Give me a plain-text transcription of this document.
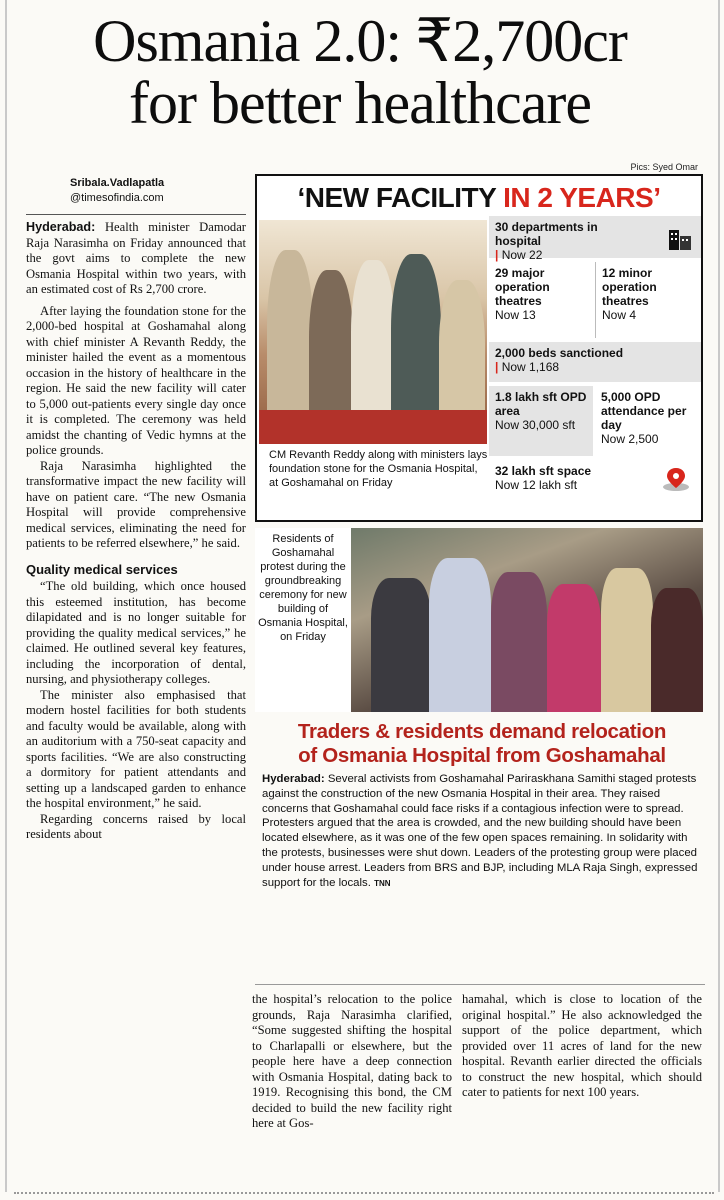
Osmania 2.0: ₹2,700cr
for better healthcare
Pics: Syed Omar
Sribala.Vadlapatla
@timesofindia.com

Hyderabad: Health minister Damodar Raja Narasimha on Friday announced that the govt aims to complete the new Osmania Hospital within two years, with an estimated cost of Rs 2,700 crore.

After laying the foundation stone for the 2,000-bed hospital at Goshamahal along with chief minister A Revanth Reddy, the minister hailed the event as a momentous occasion in the history of healthcare in the region. He said the new facility will cater to 5,000 out-patients every single day once it is completed. The ceremony was held amidst the chanting of Vedic hymns at the police grounds.

Raja Narasimha highlighted the transformative impact the new facility will have on patient care. “The new Osmania Hospital will provide comprehensive medical services, eliminating the need for patients to be referred elsewhere,” he said.

Quality medical services

“The old building, which once housed this esteemed institution, has become dilapidated and is no longer suitable for providing the quality medical services,” he claimed. He outlined several key features, including the incorporation of dental, nursing, and physiotherapy colleges.

The minister also emphasised that modern hostel facilities for both students and faculty would be available, along with an auditorium with a 750-seat capacity and sports facilities. “We are also constructing a dormitory for patient attendants and setting up a landscaped garden to enhance the hospital environment,” he said.

Regarding concerns raised by local residents about

‘NEW FACILITY IN 2 YEARS’
CM Revanth Reddy along with ministers lays foundation stone for the Osmania Hospital, at Goshamahal on Friday
30 departments in hospital
| Now 22
29 major operation theatres
Now 13
12 minor operation theatres
Now 4
2,000 beds sanctioned
| Now 1,168
1.8 lakh sft OPD area
Now 30,000 sft
5,000 OPD attendance per day
Now 2,500
32 lakh sft space
Now 12 lakh sft
Residents of Goshamahal protest during the groundbreaking ceremony for new building of Osmania Hospital, on Friday
Traders & residents demand relocation
of Osmania Hospital from Goshamahal
Hyderabad: Several activists from Goshamahal Pariraskhana Samithi staged protests against the construction of the new Osmania Hospital in their area. They raised concerns that Goshamahal could face risks if a contagious infection were to spread. Protesters argued that the area is crowded, and the new building should have been located elsewhere, as it was one of the few open spaces remaining. In solidarity with the protests, businesses were shut down. Leaders of the protesting group were placed under house arrest. Leaders from BRS and BJP, including MLA Raja Singh, expressed support for the locals. TNN

the hospital’s relocation to the police grounds, Raja Narasimha clarified, “Some suggested shifting the hospital to Charlapalli or elsewhere, but the people here have a deep connection with Osmania Hospital, dating back to 1919. Recognising this bond, the CM decided to build the new facility right here at Gos-

hamahal, which is close to location of the original hospital.” He also acknowledged the support of the police department, which provided over 11 acres of land for the new hospital. Revanth earlier directed the officials to construct the new hospital, which should cater to patients for next 100 years.
